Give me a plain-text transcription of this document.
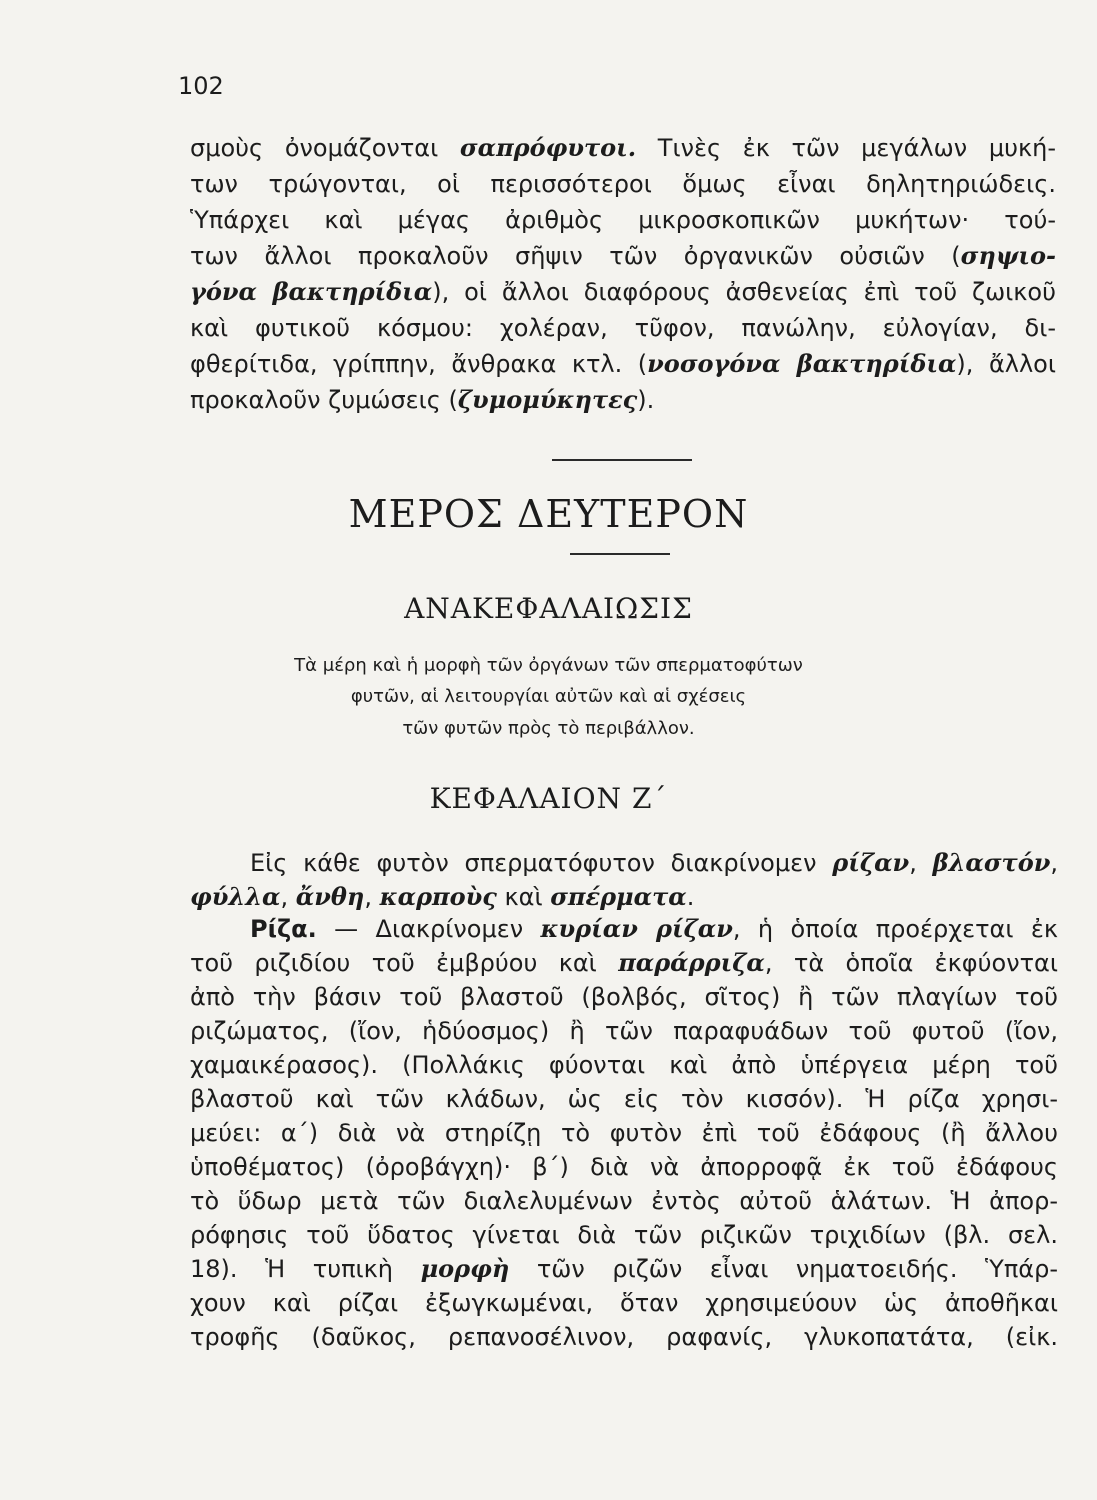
102
σμοὺς ὀνομάζονται σαπρόφυτοι. Τινὲς ἐκ τῶν μεγάλων μυκή-
των τρώγονται, οἱ περισσότεροι ὅμως εἶναι δηλητηριώδεις.
Ὑπάρχει καὶ μέγας ἀριθμὸς μικροσκοπικῶν μυκήτων· τού-
των ἄλλοι προκαλοῦν σῆψιν τῶν ὀργανικῶν οὐσιῶν (σηψιο-
γόνα βακτηρίδια), οἱ ἄλλοι διαφόρους ἀσθενείας ἐπὶ τοῦ ζωικοῦ
καὶ φυτικοῦ κόσμου: χολέραν, τῦφον, πανώλην, εὐλογίαν, δι-
φθερίτιδα, γρίππην, ἄνθρακα κτλ. (νοσογόνα βακτηρίδια), ἄλλοι
προκαλοῦν ζυμώσεις (ζυμομύκητες).
ΜΕΡΟΣ ΔΕΥΤΕΡΟΝ
ΑΝΑΚΕΦΑΛΑΙΩΣΙΣ
Τὰ μέρη καὶ ἡ μορφὴ τῶν ὀργάνων τῶν σπερματοφύτων
φυτῶν, αἱ λειτουργίαι αὐτῶν καὶ αἱ σχέσεις
τῶν φυτῶν πρὸς τὸ περιβάλλον.
ΚΕΦΑΛΑΙΟΝ Ζ΄
Εἰς κάθε φυτὸν σπερματόφυτον διακρίνομεν ρίζαν, βλαστόν,
φύλλα, ἄνθη, καρποὺς καὶ σπέρματα.
Ρίζα. — Διακρίνομεν κυρίαν ρίζαν, ἡ ὁποία προέρχεται ἐκ
τοῦ ριζιδίου τοῦ ἐμβρύου καὶ παράρριζα, τὰ ὁποῖα ἐκφύονται
ἀπὸ τὴν βάσιν τοῦ βλαστοῦ (βολβός, σῖτος) ἢ τῶν πλαγίων τοῦ
ριζώματος, (ἴον, ἡδύοσμος) ἢ τῶν παραφυάδων τοῦ φυτοῦ (ἴον,
χαμαικέρασος). (Πολλάκις φύονται καὶ ἀπὸ ὑπέργεια μέρη τοῦ
βλαστοῦ καὶ τῶν κλάδων, ὡς εἰς τὸν κισσόν). Ἡ ρίζα χρησι-
μεύει: α΄) διὰ νὰ στηρίζῃ τὸ φυτὸν ἐπὶ τοῦ ἐδάφους (ἢ ἄλλου
ὑποθέματος) (ὀροβάγχη)· β΄) διὰ νὰ ἀπορροφᾷ ἐκ τοῦ ἐδάφους
τὸ ὕδωρ μετὰ τῶν διαλελυμένων ἐντὸς αὐτοῦ ἁλάτων. Ἡ ἀπορ-
ρόφησις τοῦ ὕδατος γίνεται διὰ τῶν ριζικῶν τριχιδίων (βλ. σελ.
18). Ἡ τυπικὴ μορφὴ τῶν ριζῶν εἶναι νηματοειδής. Ὑπάρ-
χουν καὶ ρίζαι ἐξωγκωμέναι, ὅταν χρησιμεύουν ὡς ἀποθῆκαι
τροφῆς (δαῦκος, ρεπανοσέλινον, ραφανίς, γλυκοπατάτα, (εἰκ.
